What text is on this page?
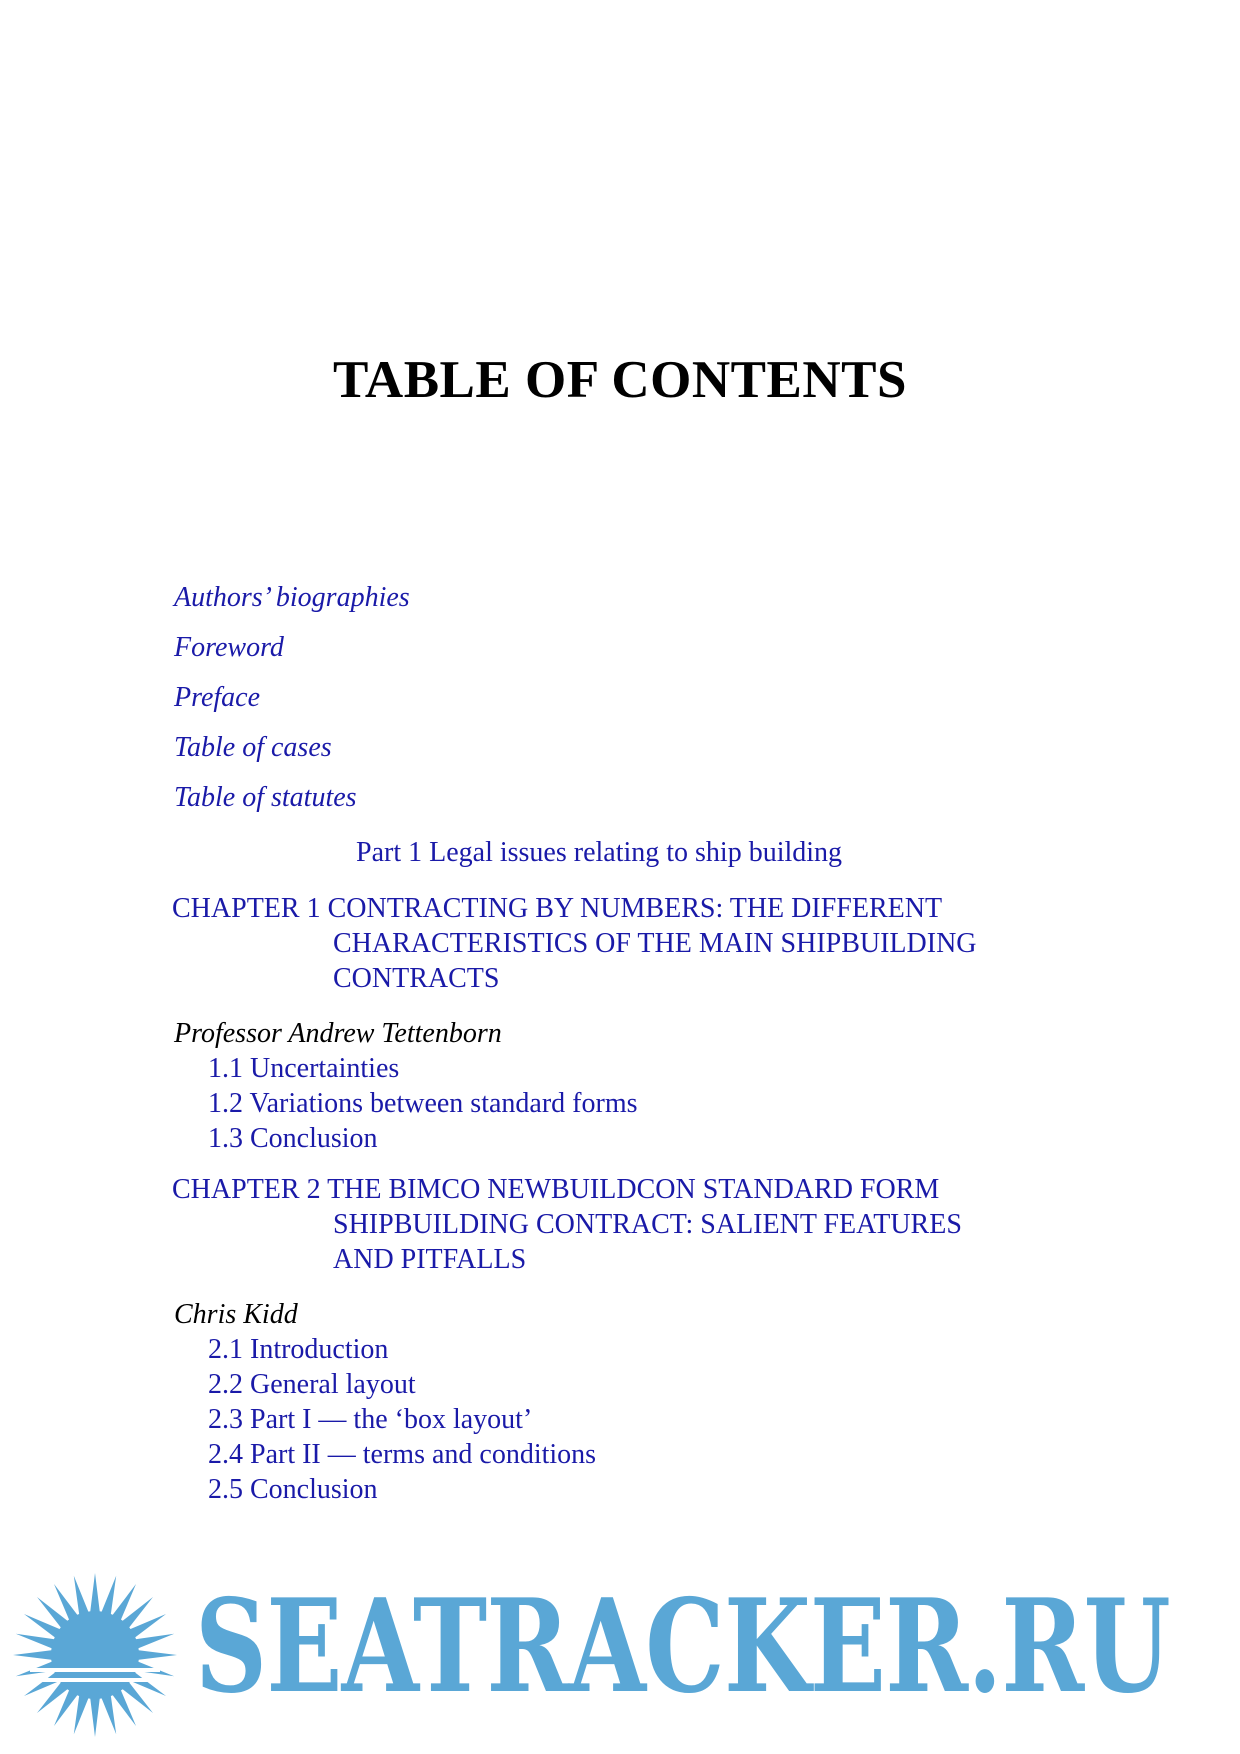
TABLE OF CONTENTS
Authors’ biographies
Foreword
Preface
Table of cases
Table of statutes
Part 1 Legal issues relating to ship building
CHAPTER 1 CONTRACTING BY NUMBERS: THE DIFFERENT
CHARACTERISTICS OF THE MAIN SHIPBUILDING
CONTRACTS
Professor Andrew Tettenborn
1.1 Uncertainties
1.2 Variations between standard forms
1.3 Conclusion
CHAPTER 2 THE BIMCO NEWBUILDCON STANDARD FORM
SHIPBUILDING CONTRACT: SALIENT FEATURES
AND PITFALLS
Chris Kidd
2.1 Introduction
2.2 General layout
2.3 Part I — the ‘box layout’
2.4 Part II — terms and conditions
2.5 Conclusion
SEATRACKER.RU
